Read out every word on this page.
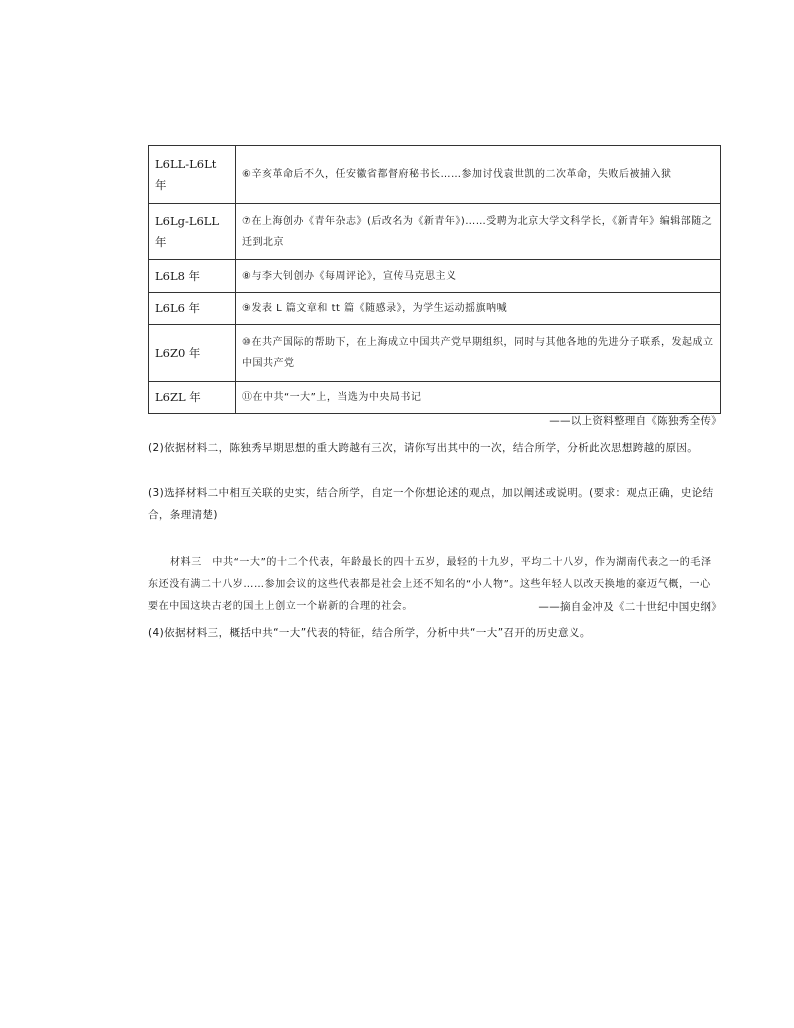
L6LL-L6Lt 年	⑥辛亥革命后不久，任安徽省都督府秘书长……参加讨伐袁世凯的二次革命，失败后被捕入狱
L6Lg-L6LL 年	⑦在上海创办《青年杂志》(后改名为《新青年》)……受聘为北京大学文科学长，《新青年》编辑部随之迁到北京
L6L8 年	⑧与李大钊创办《每周评论》，宣传马克思主义
L6L6 年	⑨发表 L 篇文章和 tt 篇《随感录》，为学生运动摇旗呐喊
L6Z0 年	⑩在共产国际的帮助下，在上海成立中国共产党早期组织，同时与其他各地的先进分子联系，发起成立中国共产党
L6ZL 年	⑪在中共“一大”上，当选为中央局书记
——以上资料整理自《陈独秀全传》
(2)依据材料二，陈独秀早期思想的重大跨越有三次，请你写出其中的一次，结合所学，分析此次思想跨越的原因。
(3)选择材料二中相互关联的史实，结合所学，自定一个你想论述的观点，加以阐述或说明。(要求：观点正确，史论结合，条理清楚)
材料三　中共“一大”的十二个代表，年龄最长的四十五岁，最轻的十九岁，平均二十八岁，作为湖南代表之一的毛泽东还没有满二十八岁……参加会议的这些代表都是社会上还不知名的“小人物”。这些年轻人以改天换地的豪迈气概，一心要在中国这块古老的国土上创立一个崭新的合理的社会。	——摘自金冲及《二十世纪中国史纲》
(4)依据材料三，概括中共“一大”代表的特征，结合所学，分析中共“一大”召开的历史意义。
